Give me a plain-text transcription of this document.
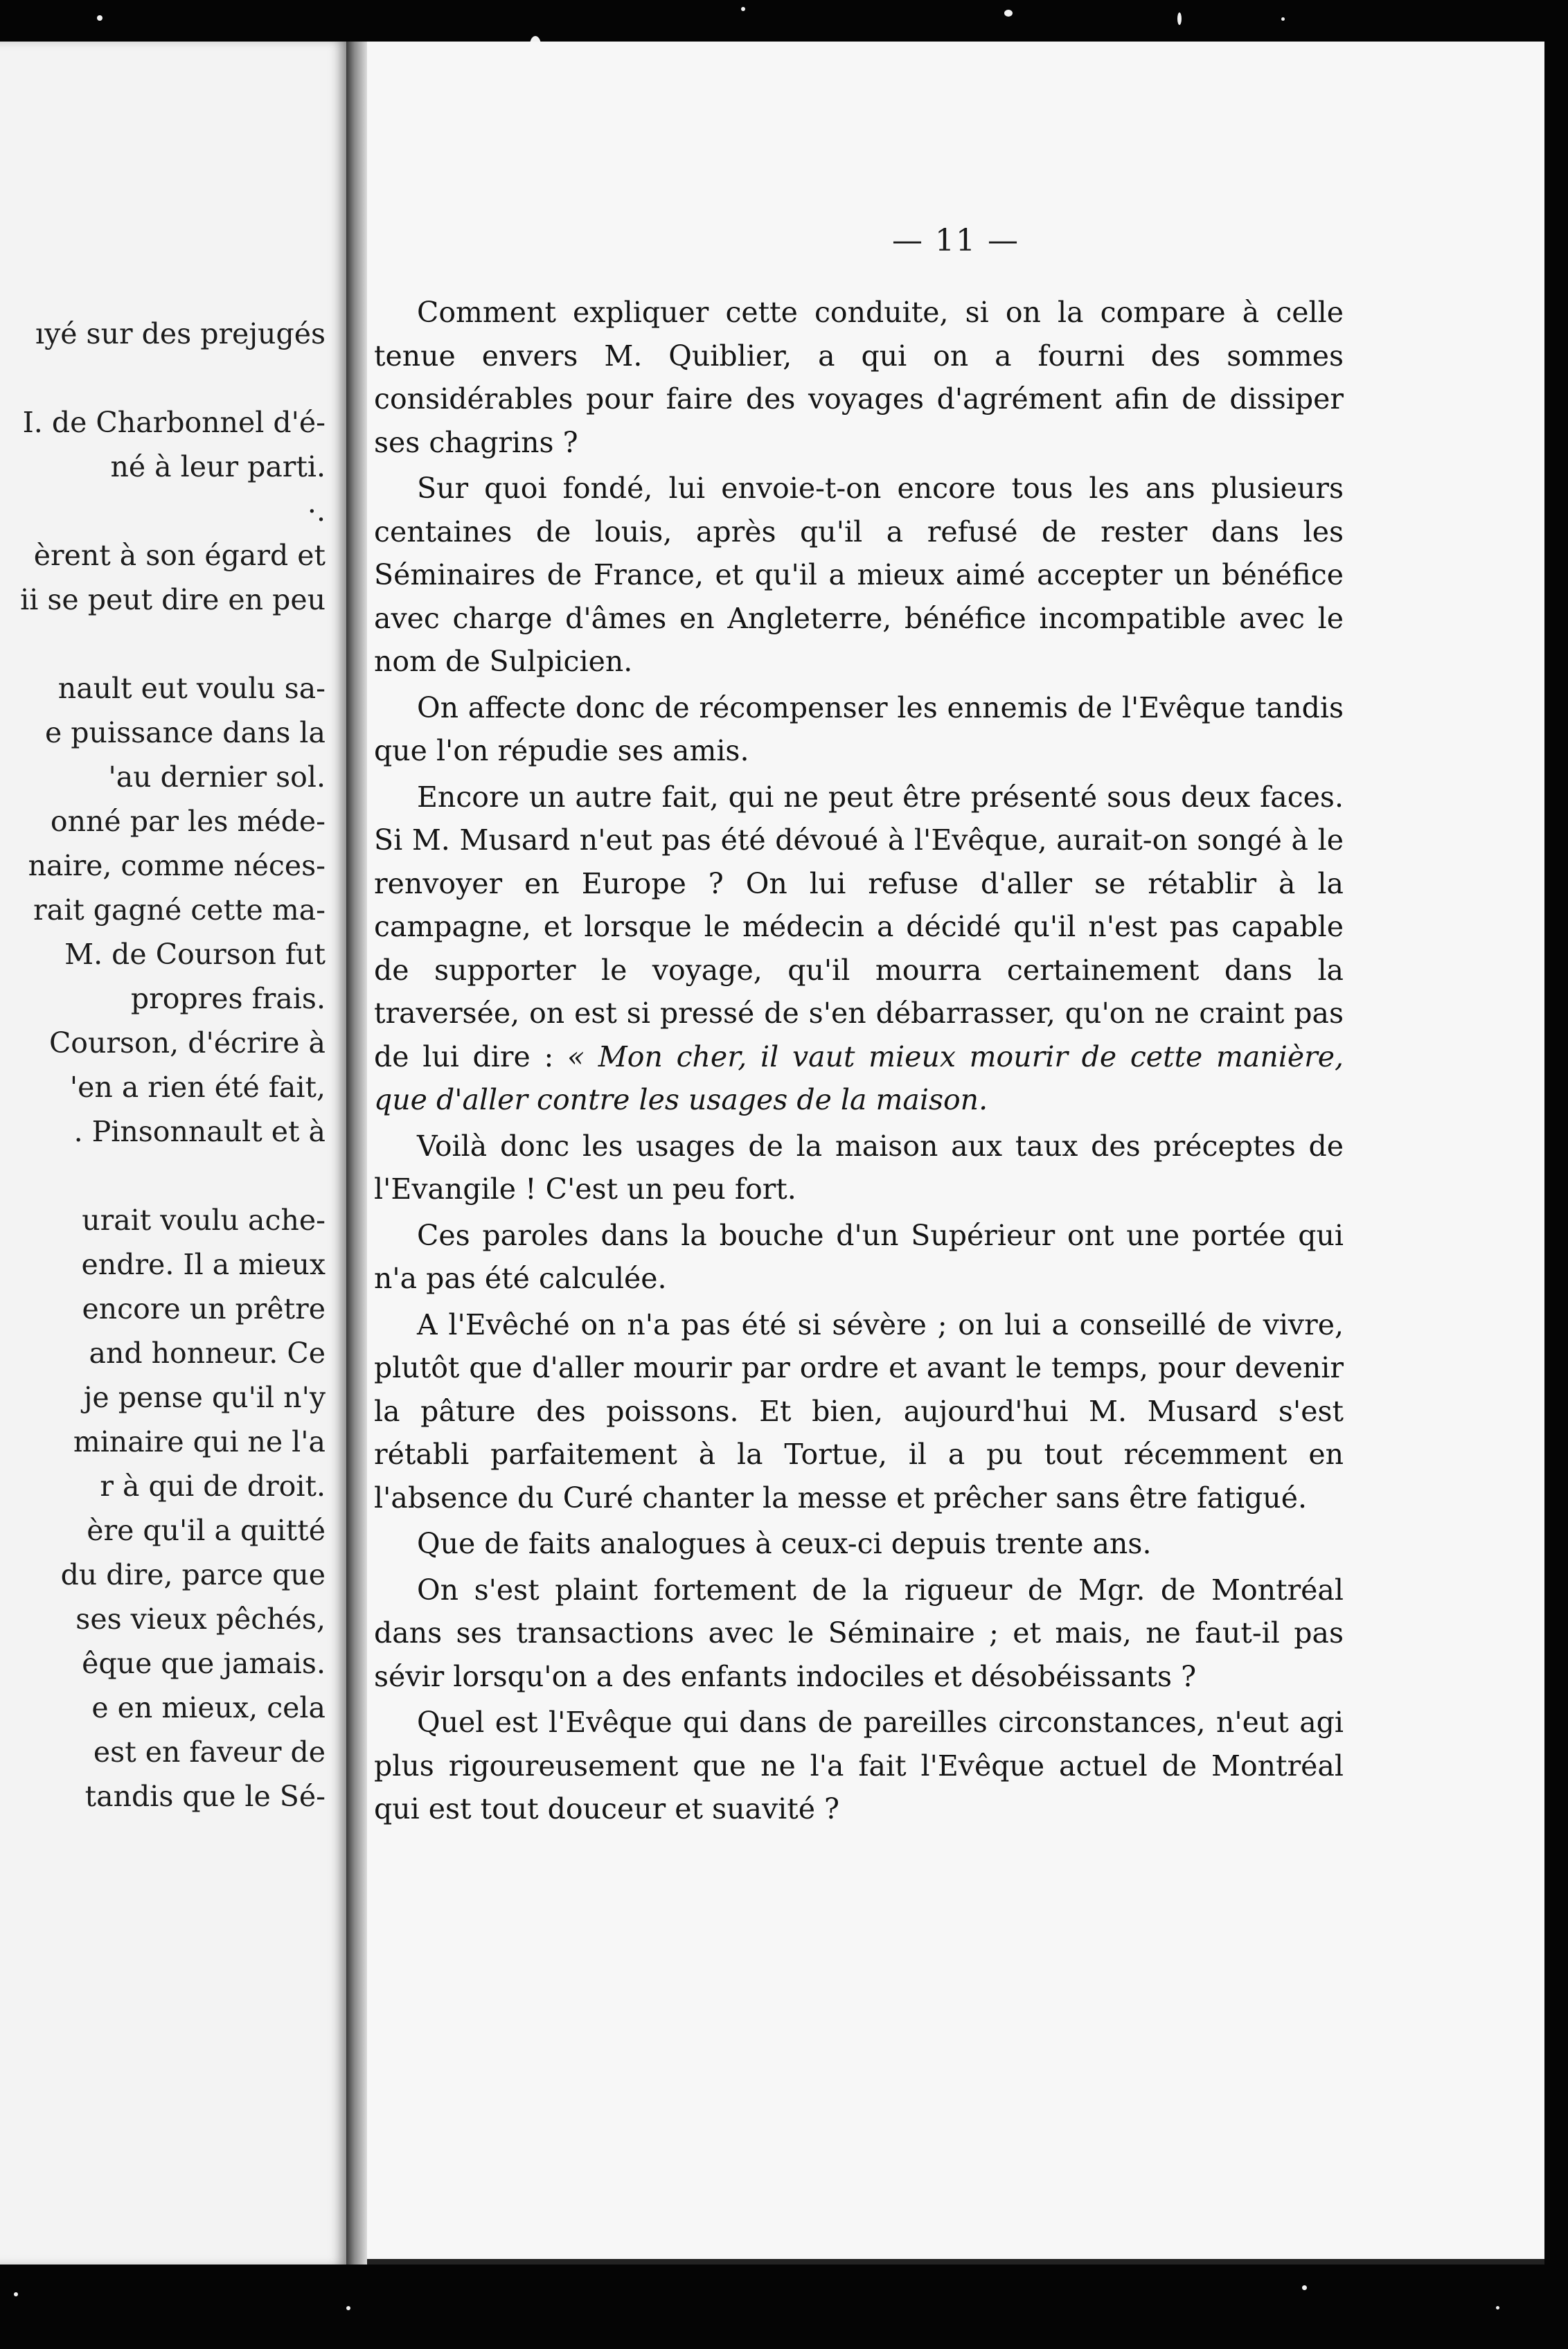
ıyé sur des prejugés
I. de Charbonnel d'é-
né à leur parti.
·.
èrent à son égard et
ii se peut dire en peu
nault eut voulu sa-
e puissance dans la
'au dernier sol.
onné par les méde-
naire, comme néces-
rait gagné cette ma-
M. de Courson fut
propres frais.
Courson, d'écrire à
'en a rien été fait,
. Pinsonnault et à
urait voulu ache-
endre. Il a mieux
encore un prêtre
and honneur. Ce
je pense qu'il n'y
minaire qui ne l'a
r à qui de droit.
ère qu'il a quitté
du dire, parce que
ses vieux pêchés,
êque que jamais.
e en mieux, cela
est en faveur de
tandis que le Sé-
— 11 —

Comment expliquer cette conduite, si on la compare à celle tenue envers M. Quiblier, a qui on a fourni des sommes considérables pour faire des voyages d'agrément afin de dissiper ses chagrins ?

Sur quoi fondé, lui envoie-t-on encore tous les ans plusieurs centaines de louis, après qu'il a refusé de rester dans les Séminaires de France, et qu'il a mieux aimé accepter un bénéfice avec charge d'âmes en Angleterre, bénéfice incompatible avec le nom de Sulpicien.

On affecte donc de récompenser les ennemis de l'Evêque tandis que l'on répudie ses amis.

Encore un autre fait, qui ne peut être présenté sous deux faces. Si M. Musard n'eut pas été dévoué à l'Evêque, aurait-on songé à le renvoyer en Europe ? On lui refuse d'aller se rétablir à la campagne, et lorsque le médecin a décidé qu'il n'est pas capable de supporter le voyage, qu'il mourra certainement dans la traversée, on est si pressé de s'en débarrasser, qu'on ne craint pas de lui dire : « Mon cher, il vaut mieux mourir de cette manière, que d'aller contre les usages de la maison.

Voilà donc les usages de la maison aux taux des préceptes de l'Evangile ! C'est un peu fort.

Ces paroles dans la bouche d'un Supérieur ont une portée qui n'a pas été calculée.

A l'Evêché on n'a pas été si sévère ; on lui a conseillé de vivre, plutôt que d'aller mourir par ordre et avant le temps, pour devenir la pâture des poissons. Et bien, aujourd'hui M. Musard s'est rétabli parfaitement à la Tortue, il a pu tout récemment en l'absence du Curé chanter la messe et prêcher sans être fatigué.

Que de faits analogues à ceux-ci depuis trente ans.

On s'est plaint fortement de la rigueur de Mgr. de Montréal dans ses transactions avec le Séminaire ; et mais, ne faut-il pas sévir lorsqu'on a des enfants indociles et désobéissants ?

Quel est l'Evêque qui dans de pareilles circonstances, n'eut agi plus rigoureusement que ne l'a fait l'Evêque actuel de Montréal qui est tout douceur et suavité ?
